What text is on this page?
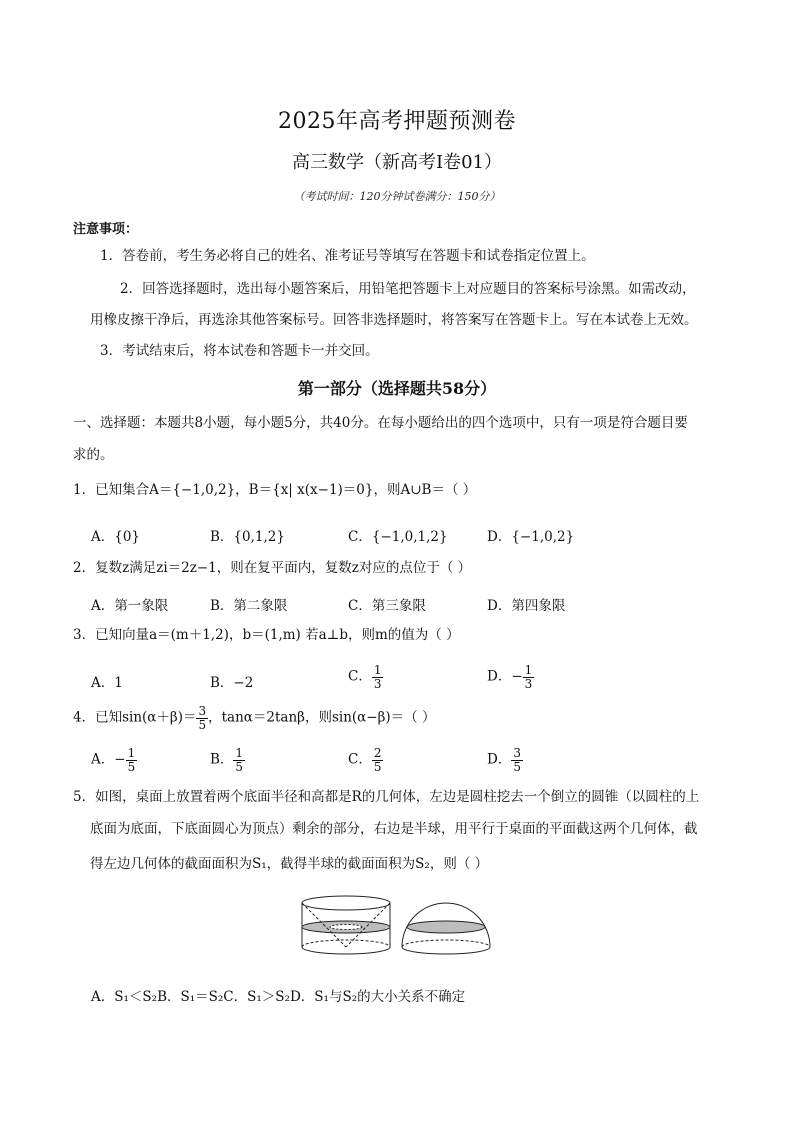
2025年高考押题预测卷
高三数学（新高考Ⅰ卷01）
（考试时间：120分钟试卷满分：150分）
注意事项：
1．答卷前，考生务必将自己的姓名、准考证号等填写在答题卡和试卷指定位置上。
2．回答选择题时，选出每小题答案后，用铅笔把答题卡上对应题目的答案标号涂黑。如需改动，
用橡皮擦干净后，再选涂其他答案标号。回答非选择题时，将答案写在答题卡上。写在本试卷上无效。
3．考试结束后，将本试卷和答题卡一并交回。
第一部分（选择题共58分）
一、选择题：本题共8小题，每小题5分，共40分。在每小题给出的四个选项中，只有一项是符合题目要
求的。
1．已知集合A＝{−1,0,2}，B＝{x| x(x−1)＝0}，则A∪B＝（ ）
A．{0}	B．{0,1,2}	C．{−1,0,1,2}	D．{−1,0,2}
2．复数z满足zi＝2z−1，则在复平面内，复数z对应的点位于（ ）
A．第一象限	B．第二象限	C．第三象限	D．第四象限
3．已知向量a＝(m＋1,2)，b＝(1,m) 若a⊥b，则m的值为（ ）
A．1	B．−2	C． $\frac{1}{3}$	D．− $\frac{1}{3}$
4．已知$\sin(\alpha+\beta)= \frac{3}{5}$ ，tanα＝2tanβ，则sin(α−β)＝（ ）
A．− $\frac{1}{5}$	B． $\frac{1}{5}$	C． $\frac{2}{5}$	D． $\frac{3}{5}$
5．如图，桌面上放置着两个底面半径和高都是R的几何体，左边是圆柱挖去一个倒立的圆锥（以圆柱的上
底面为底面，下底面圆心为顶点）剩余的部分，右边是半球，用平行于桌面的平面截这两个几何体，截
得左边几何体的截面面积为S₁，截得半球的截面面积为S₂，则（ ）
A．S₁＜S₂B．S₁＝S₂C．S₁＞S₂D．S₁与S₂的大小关系不确定
